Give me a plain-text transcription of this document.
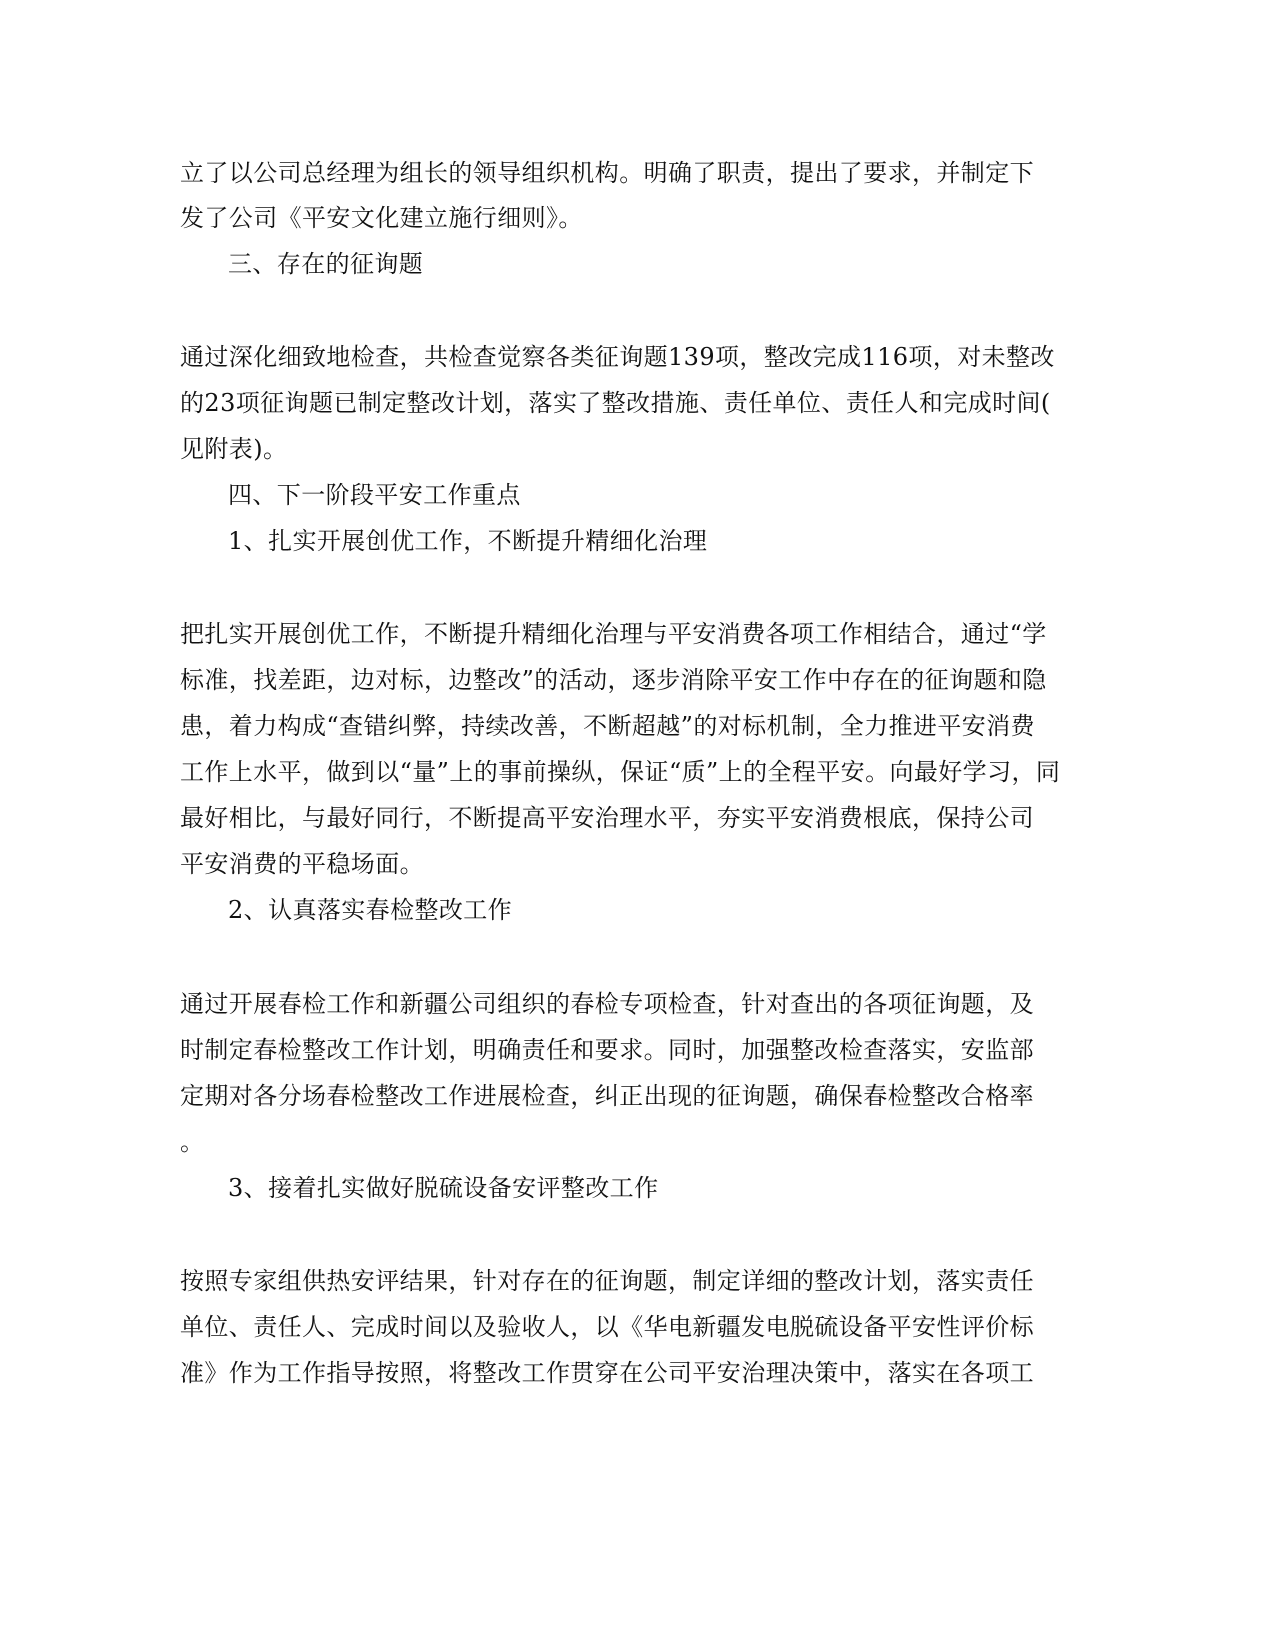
立了以公司总经理为组长的领导组织机构。明确了职责，提出了要求，并制定下
发了公司《平安文化建立施行细则》。
三、存在的征询题
通过深化细致地检查，共检查觉察各类征询题139项，整改完成116项，对未整改
的23项征询题已制定整改计划，落实了整改措施、责任单位、责任人和完成时间(
见附表)。
四、下一阶段平安工作重点
1、扎实开展创优工作，不断提升精细化治理
把扎实开展创优工作，不断提升精细化治理与平安消费各项工作相结合，通过“学
标准，找差距，边对标，边整改”的活动，逐步消除平安工作中存在的征询题和隐
患，着力构成“查错纠弊，持续改善，不断超越”的对标机制，全力推进平安消费
工作上水平，做到以“量”上的事前操纵，保证“质”上的全程平安。向最好学习，同
最好相比，与最好同行，不断提高平安治理水平，夯实平安消费根底，保持公司
平安消费的平稳场面。
2、认真落实春检整改工作
通过开展春检工作和新疆公司组织的春检专项检查，针对查出的各项征询题，及
时制定春检整改工作计划，明确责任和要求。同时，加强整改检查落实，安监部
定期对各分场春检整改工作进展检查，纠正出现的征询题，确保春检整改合格率
。
3、接着扎实做好脱硫设备安评整改工作
按照专家组供热安评结果，针对存在的征询题，制定详细的整改计划，落实责任
单位、责任人、完成时间以及验收人，以《华电新疆发电脱硫设备平安性评价标
准》作为工作指导按照，将整改工作贯穿在公司平安治理决策中，落实在各项工
